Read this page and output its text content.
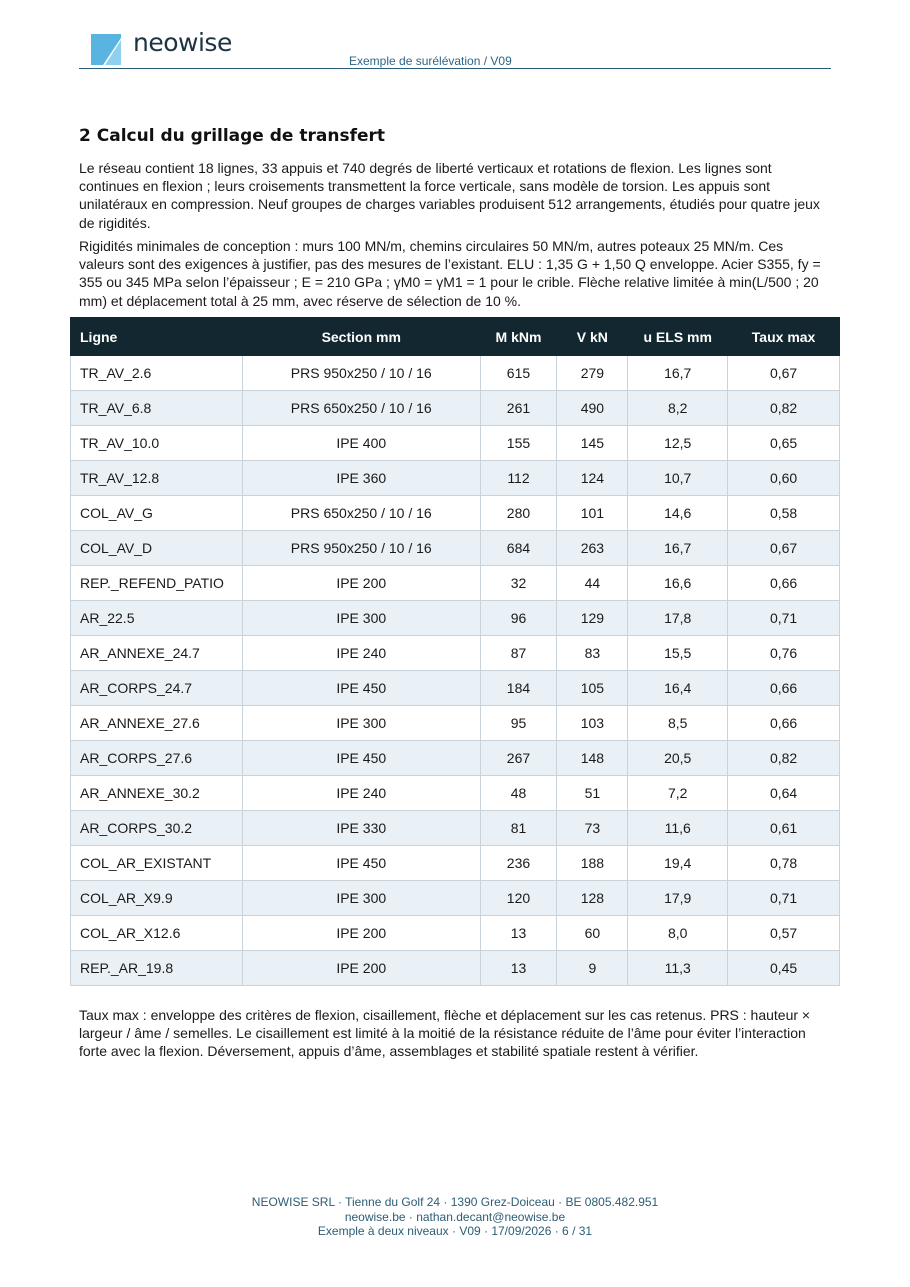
neowise
Exemple de surélévation / V09
2 Calcul du grillage de transfert

Le réseau contient 18 lignes, 33 appuis et 740 degrés de liberté verticaux et rotations de flexion. Les lignes sont continues en flexion ; leurs croisements transmettent la force verticale, sans modèle de torsion. Les appuis sont unilatéraux en compression. Neuf groupes de charges variables produisent 512 arrangements, étudiés pour quatre jeux de rigidités.

Rigidités minimales de conception : murs 100 MN/m, chemins circulaires 50 MN/m, autres poteaux 25 MN/m. Ces valeurs sont des exigences à justifier, pas des mesures de l’existant. ELU : 1,35 G + 1,50 Q enveloppe. Acier S355, fy = 355 ou 345 MPa selon l’épaisseur ; E = 210 GPa ; γM0 = γM1 = 1 pour le crible. Flèche relative limitée à min(L/500 ; 20 mm) et déplacement total à 25 mm, avec réserve de sélection de 10 %.

Ligne	Section mm	M kNm	V kN	u ELS mm	Taux max
TR_AV_2.6	PRS 950x250 / 10 / 16	615	279	16,7	0,67
TR_AV_6.8	PRS 650x250 / 10 / 16	261	490	8,2	0,82
TR_AV_10.0	IPE 400	155	145	12,5	0,65
TR_AV_12.8	IPE 360	112	124	10,7	0,60
COL_AV_G	PRS 650x250 / 10 / 16	280	101	14,6	0,58
COL_AV_D	PRS 950x250 / 10 / 16	684	263	16,7	0,67
REP._REFEND_PATIO	IPE 200	32	44	16,6	0,66
AR_22.5	IPE 300	96	129	17,8	0,71
AR_ANNEXE_24.7	IPE 240	87	83	15,5	0,76
AR_CORPS_24.7	IPE 450	184	105	16,4	0,66
AR_ANNEXE_27.6	IPE 300	95	103	8,5	0,66
AR_CORPS_27.6	IPE 450	267	148	20,5	0,82
AR_ANNEXE_30.2	IPE 240	48	51	7,2	0,64
AR_CORPS_30.2	IPE 330	81	73	11,6	0,61
COL_AR_EXISTANT	IPE 450	236	188	19,4	0,78
COL_AR_X9.9	IPE 300	120	128	17,9	0,71
COL_AR_X12.6	IPE 200	13	60	8,0	0,57
REP._AR_19.8	IPE 200	13	9	11,3	0,45

Taux max : enveloppe des critères de flexion, cisaillement, flèche et déplacement sur les cas retenus. PRS : hauteur × largeur / âme / semelles. Le cisaillement est limité à la moitié de la résistance réduite de l’âme pour éviter l’interaction forte avec la flexion. Déversement, appuis d’âme, assemblages et stabilité spatiale restent à vérifier.

NEOWISE SRL · Tienne du Golf 24 · 1390 Grez-Doiceau · BE 0805.482.951
neowise.be · nathan.decant@neowise.be
Exemple à deux niveaux · V09 · 17/09/2026 · 6 / 31
